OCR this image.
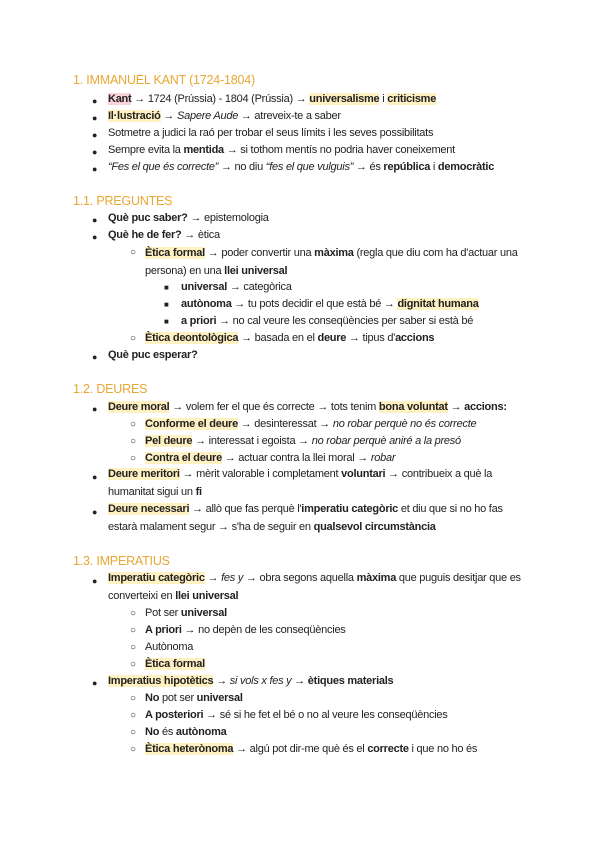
1. IMMANUEL KANT (1724-1804)
● Kant → 1724 (Prússia) - 1804 (Prússia) → universalisme i criticisme
● Il·lustració → Sapere Aude → atreveix-te a saber
● Sotmetre a judici la raó per trobar el seus límits i les seves possibilitats
● Sempre evita la mentida → si tothom mentís no podria haver coneixement
● “Fes el que és correcte” → no diu “fes el que vulguis” → és república i democràtic
1.1. PREGUNTES
● Què puc saber? → epistemologia
● Què he de fer? → ètica
○ Ètica formal → poder convertir una màxima (regla que diu com ha d'actuar una persona) en una llei universal
■ universal → categòrica
■ autònoma → tu pots decidir el que està bé → dignitat humana
■ a priori → no cal veure les conseqüències per saber si està bé
○ Ètica deontològica → basada en el deure → tipus d'accions
● Què puc esperar?
1.2. DEURES
● Deure moral → volem fer el que és correcte → tots tenim bona voluntat → accions:
○ Conforme el deure → desinteressat → no robar perquè no és correcte
○ Pel deure → interessat i egoista → no robar perquè aniré a la presó
○ Contra el deure → actuar contra la llei moral → robar
● Deure meritori → mèrit valorable i completament voluntari → contribueix a què la humanitat sigui un fi
● Deure necessari → allò que fas perquè l'imperatiu categòric et diu que si no ho fas estarà malament segur → s'ha de seguir en qualsevol circumstància
1.3. IMPERATIUS
● Imperatiu categòric → fes y → obra segons aquella màxima que puguis desitjar que es converteixi en llei universal
○ Pot ser universal
○ A priori → no depèn de les conseqüències
○ Autònoma
○ Ètica formal
● Imperatius hipotètics → si vols x fes y → ètiques materials
○ No pot ser universal
○ A posteriori → sé si he fet el bé o no al veure les conseqüències
○ No és autònoma
○ Ètica heterònoma → algú pot dir-me què és el correcte i que no ho és
